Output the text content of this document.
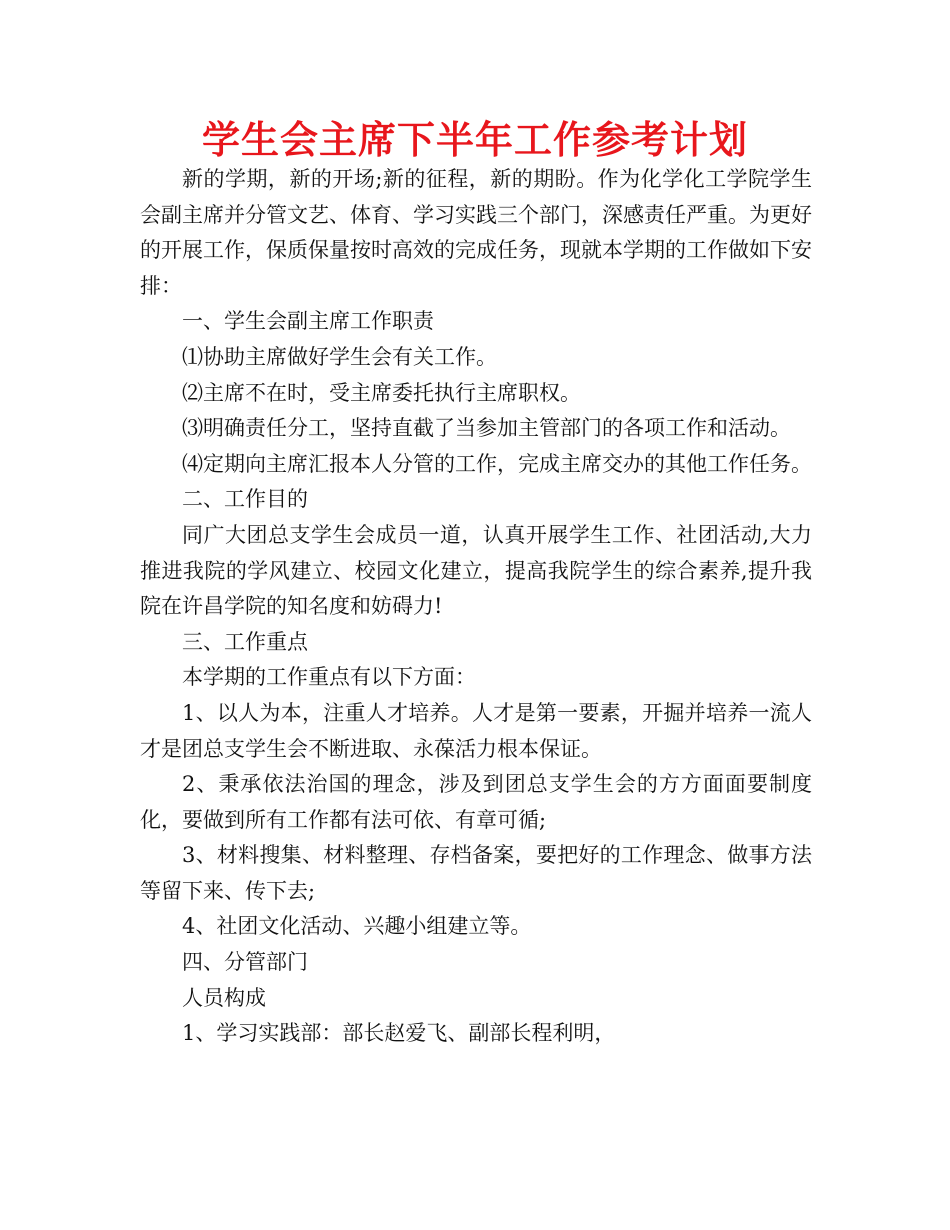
学生会主席下半年工作参考计划

新的学期，新的开场;新的征程，新的期盼。作为化学化工学院学生会副主席并分管文艺、体育、学习实践三个部门，深感责任严重。为更好的开展工作，保质保量按时高效的完成任务，现就本学期的工作做如下安排：

一、学生会副主席工作职责

⑴协助主席做好学生会有关工作。

⑵主席不在时，受主席委托执行主席职权。

⑶明确责任分工，坚持直截了当参加主管部门的各项工作和活动。

⑷定期向主席汇报本人分管的工作，完成主席交办的其他工作任务。

二、工作目的

同广大团总支学生会成员一道，认真开展学生工作、社团活动,大力推进我院的学风建立、校园文化建立，提高我院学生的综合素养,提升我院在许昌学院的知名度和妨碍力!

三、工作重点

本学期的工作重点有以下方面：

1、以人为本，注重人才培养。人才是第一要素，开掘并培养一流人才是团总支学生会不断进取、永葆活力根本保证。

2、秉承依法治国的理念，涉及到团总支学生会的方方面面要制度化，要做到所有工作都有法可依、有章可循;

3、材料搜集、材料整理、存档备案，要把好的工作理念、做事方法等留下来、传下去;

4、社团文化活动、兴趣小组建立等。

四、分管部门

人员构成

1、学习实践部：部长赵爱飞、副部长程利明，
